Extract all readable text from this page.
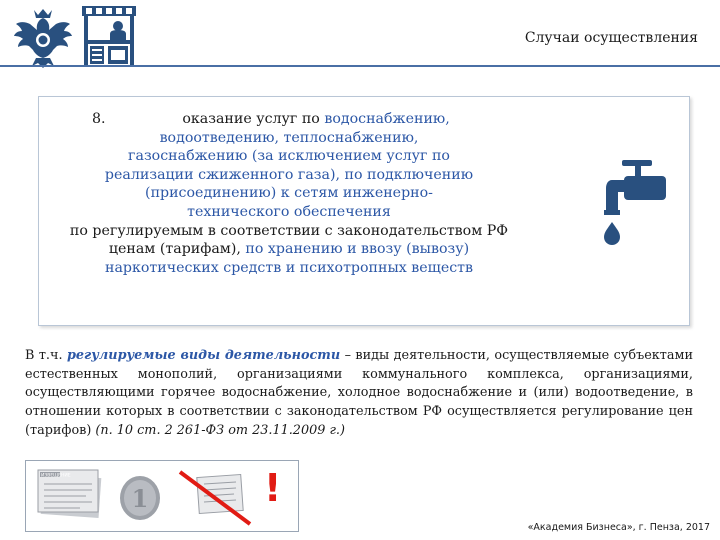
Случаи осуществления
8.	оказание услуг по водоснабжению,
водоотведению, теплоснабжению,
газоснабжению (за исключением услуг по
реализации сжиженного газа), по подключению
(присоединению) к сетям инженерно-
технического обеспечения
по регулируемым в соответствии с законодательством РФ
ценам (тарифам), по хранению и ввозу (вывозу)
наркотических средств и психотропных веществ
В т.ч. регулируемые виды деятельности – виды деятельности, осуществляемые субъектами естественных монополий, организациями коммунального комплекса, организациями, осуществляющими горячее водоснабжение, холодное водоснабжение и (или) водоотведение, в отношении которых в соответствии с законодательством РФ осуществляется регулирование цен (тарифов) (п. 10 ст. 2 261-ФЗ от 23.11.2009 г.)
ИЗВЕЩЕНИЕ
1	!
«Академия Бизнеса», г. Пенза, 2017
